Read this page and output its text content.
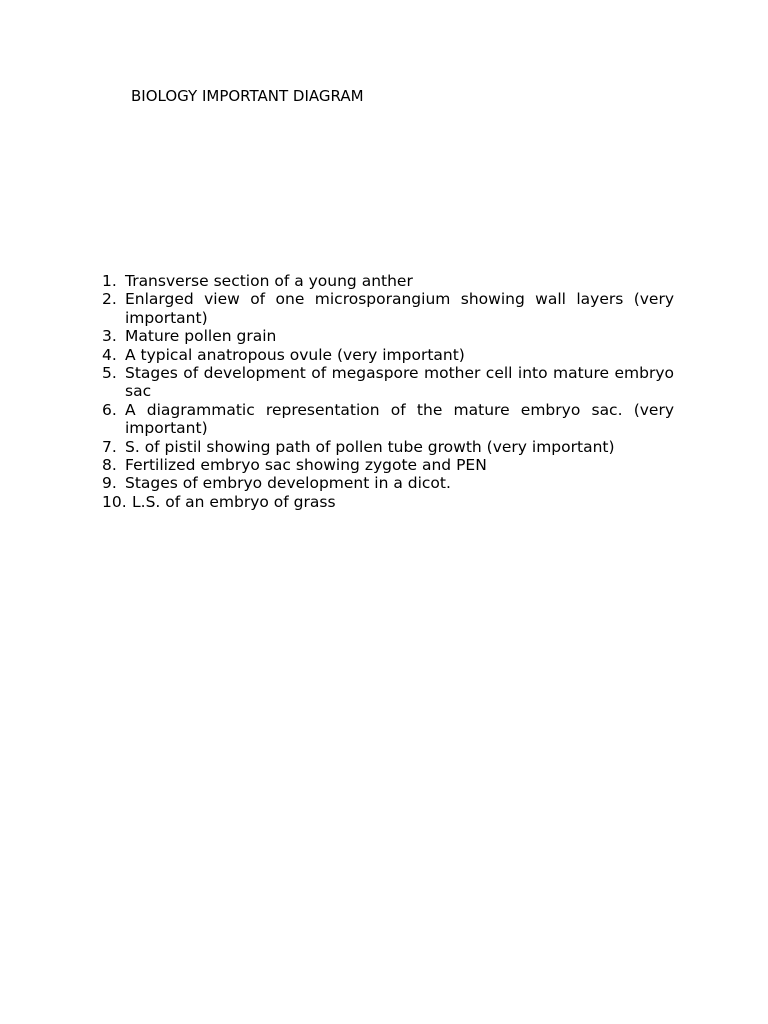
BIOLOGY IMPORTANT DIAGRAM
1. Transverse section of a young anther
2. Enlarged view of one microsporangium showing wall layers (very important)
3. Mature pollen grain
4. A typical anatropous ovule (very important)
5. Stages of development of megaspore mother cell into mature embryo sac
6. A diagrammatic representation of the mature embryo sac. (very important)
7. S. of pistil showing path of pollen tube growth (very important)
8. Fertilized embryo sac showing zygote and PEN
9. Stages of embryo development in a dicot.
10. L.S. of an embryo of grass
